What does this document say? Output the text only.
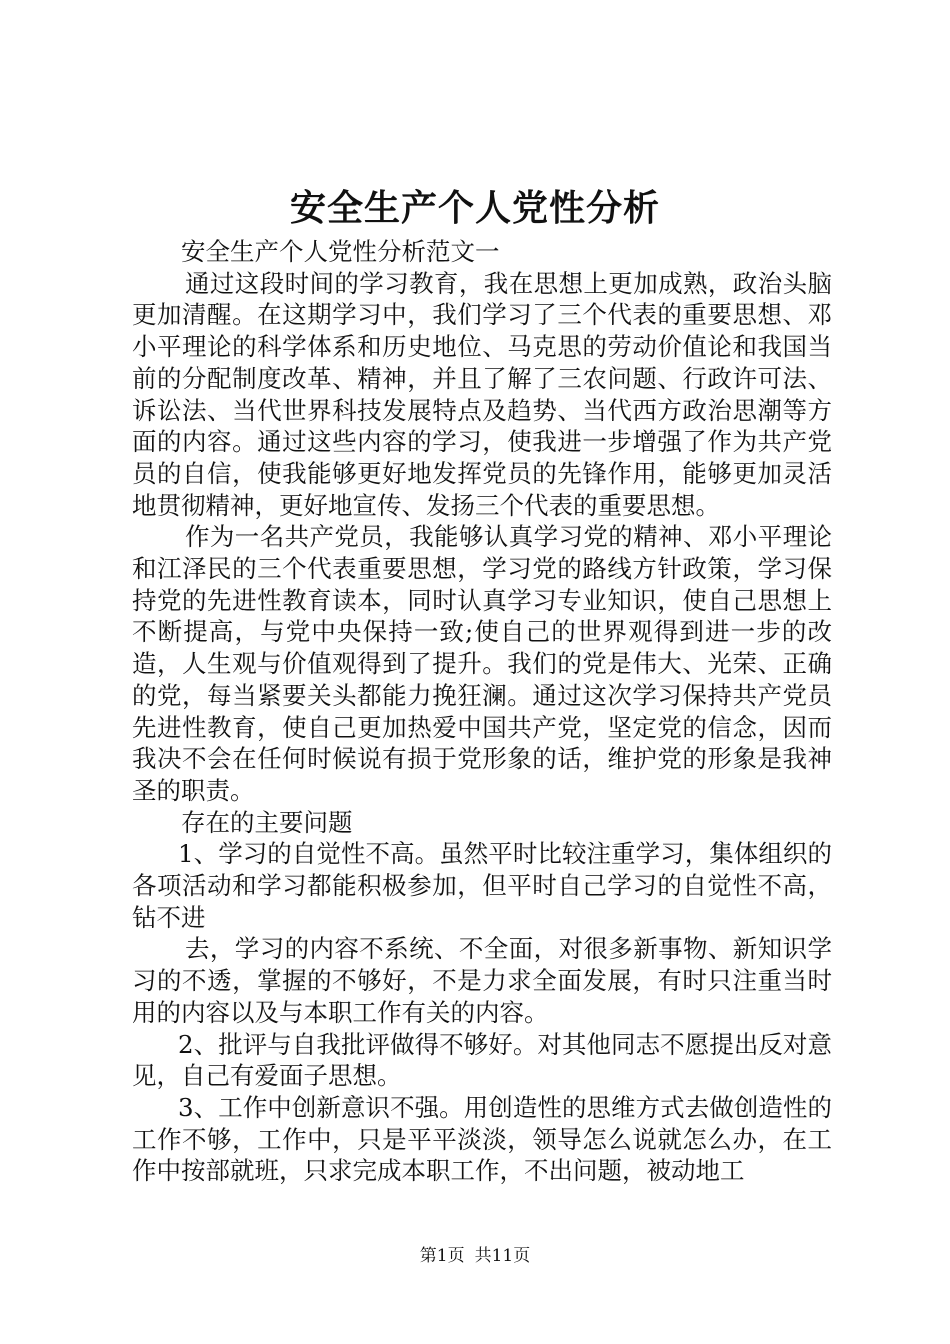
安全生产个人党性分析

安全生产个人党性分析范文一

通过这段时间的学习教育，我在思想上更加成熟，政治头脑更加清醒。在这期学习中，我们学习了三个代表的重要思想、邓小平理论的科学体系和历史地位、马克思的劳动价值论和我国当前的分配制度改革、精神，并且了解了三农问题、行政许可法、诉讼法、当代世界科技发展特点及趋势、当代西方政治思潮等方面的内容。通过这些内容的学习，使我进一步增强了作为共产党员的自信，使我能够更好地发挥党员的先锋作用，能够更加灵活地贯彻精神，更好地宣传、发扬三个代表的重要思想。

作为一名共产党员，我能够认真学习党的精神、邓小平理论和江泽民的三个代表重要思想，学习党的路线方针政策，学习保持党的先进性教育读本，同时认真学习专业知识，使自己思想上不断提高，与党中央保持一致;使自己的世界观得到进一步的改造，人生观与价值观得到了提升。我们的党是伟大、光荣、正确的党，每当紧要关头都能力挽狂澜。通过这次学习保持共产党员先进性教育，使自己更加热爱中国共产党，坚定党的信念，因而我决不会在任何时候说有损于党形象的话，维护党的形象是我神圣的职责。

存在的主要问题

1、学习的自觉性不高。虽然平时比较注重学习，集体组织的各项活动和学习都能积极参加，但平时自己学习的自觉性不高，钻不进

去，学习的内容不系统、不全面，对很多新事物、新知识学习的不透，掌握的不够好，不是力求全面发展，有时只注重当时用的内容以及与本职工作有关的内容。

2、批评与自我批评做得不够好。对其他同志不愿提出反对意见，自己有爱面子思想。

3、工作中创新意识不强。用创造性的思维方式去做创造性的工作不够，工作中，只是平平淡淡，领导怎么说就怎么办，在工作中按部就班，只求完成本职工作，不出问题，被动地工

第1页 共11页
